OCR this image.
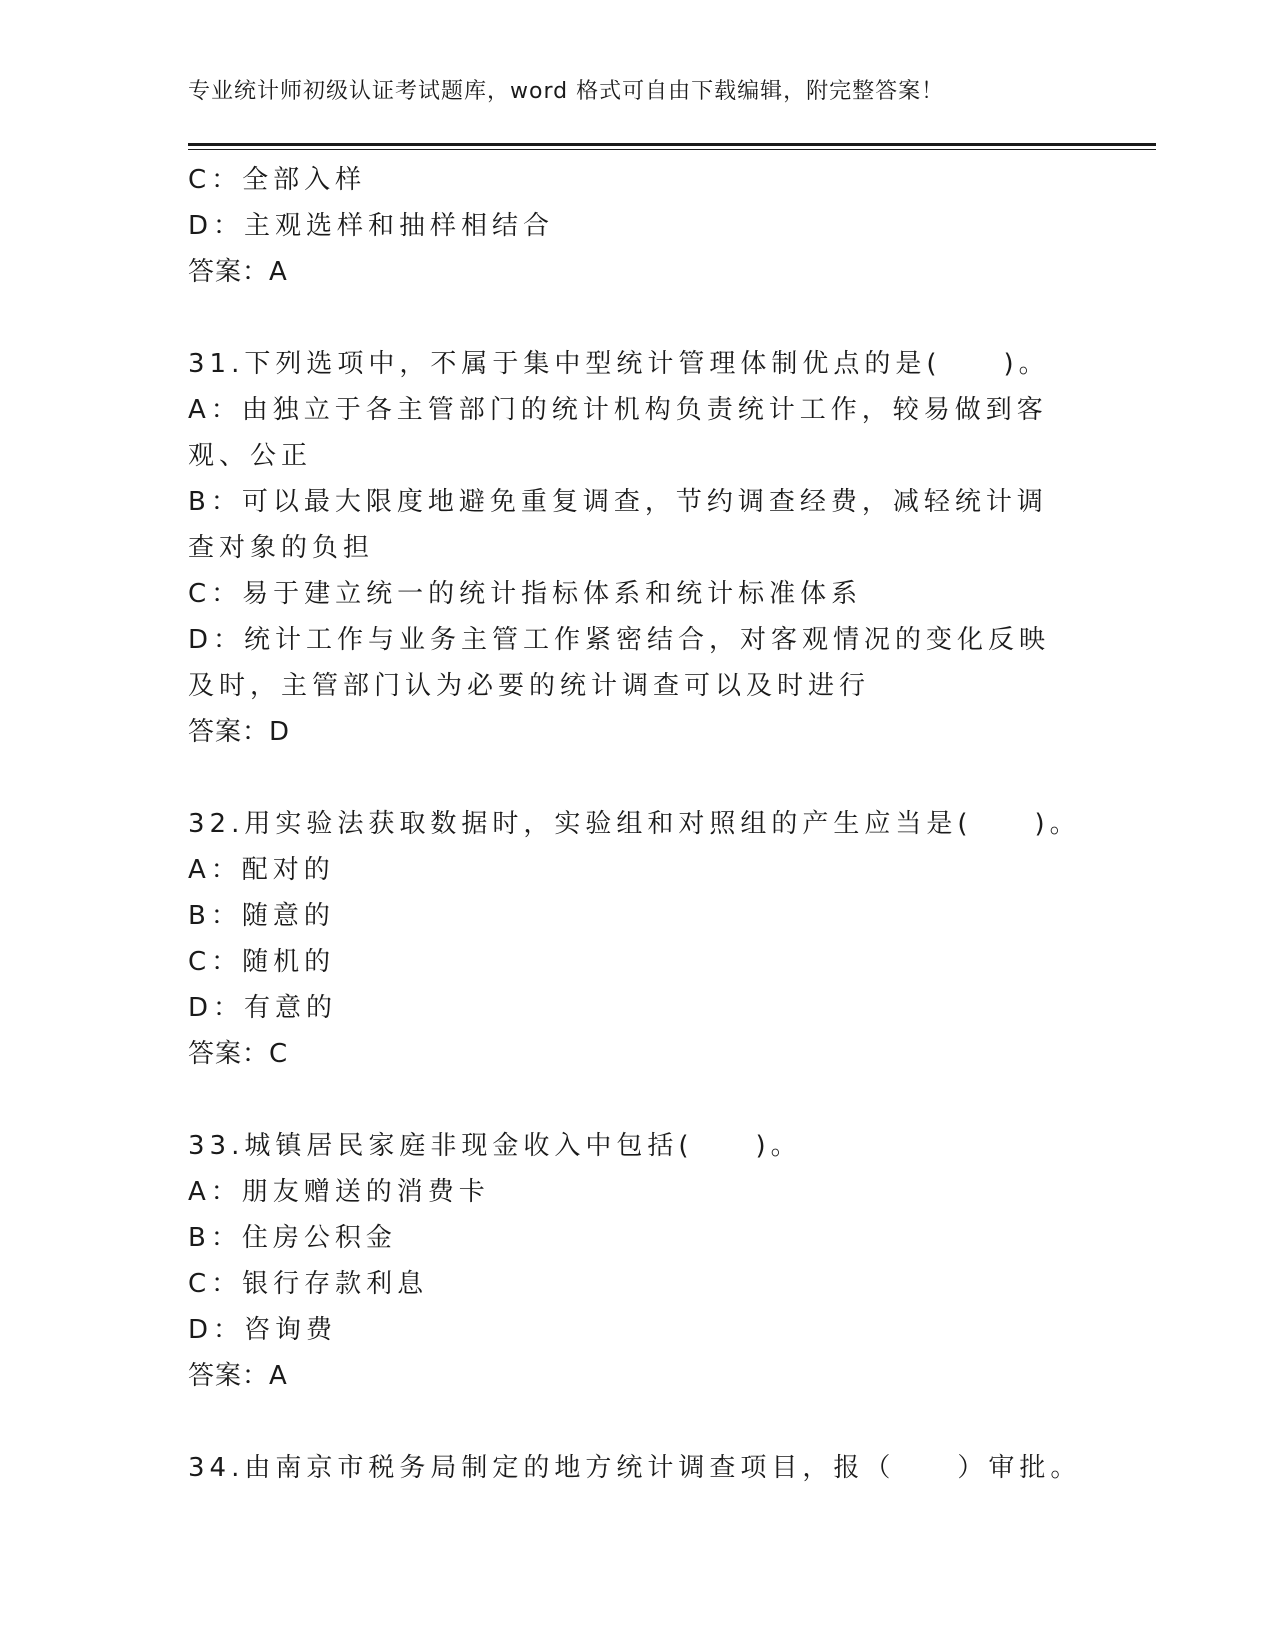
专业统计师初级认证考试题库，word 格式可自由下载编辑，附完整答案！

C：全部入样

D：主观选样和抽样相结合

答案：A

31.下列选项中，不属于集中型统计管理体制优点的是(　　)。

A：由独立于各主管部门的统计机构负责统计工作，较易做到客观、公正

B：可以最大限度地避免重复调查，节约调查经费，减轻统计调查对象的负担

C：易于建立统一的统计指标体系和统计标准体系

D：统计工作与业务主管工作紧密结合，对客观情况的变化反映及时，主管部门认为必要的统计调查可以及时进行

答案：D

32.用实验法获取数据时，实验组和对照组的产生应当是(　　)。

A：配对的

B：随意的

C：随机的

D：有意的

答案：C

33.城镇居民家庭非现金收入中包括(　　)。

A：朋友赠送的消费卡

B：住房公积金

C：银行存款利息

D：咨询费

答案：A

34.由南京市税务局制定的地方统计调查项目，报（　　）审批。
